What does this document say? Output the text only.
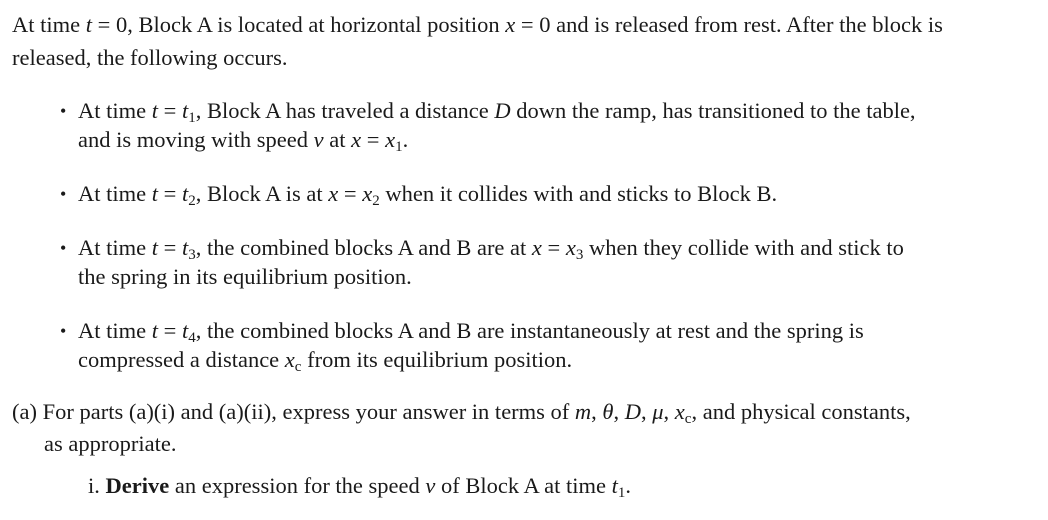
At time t = 0, Block A is located at horizontal position x = 0 and is released from rest. After the block is
released, the following occurs.
• At time $t = t_1$, Block A has traveled a distance D down the ramp, has transitioned to the table,
and is moving with speed v at $x = x_1$.
• At time $t = t_2$, Block A is at $x = x_2$ when it collides with and sticks to Block B.
• At time $t = t_3$, the combined blocks A and B are at $x = x_3$ when they collide with and stick to
the spring in its equilibrium position.
• At time $t = t_4$, the combined blocks A and B are instantaneously at rest and the spring is
compressed a distance $x_c$ from its equilibrium position.
(a) For parts (a)(i) and (a)(ii), express your answer in terms of m, θ, D, μ, $x_c$, and physical constants,
as appropriate.
i. Derive an expression for the speed v of Block A at time $t_1$.
